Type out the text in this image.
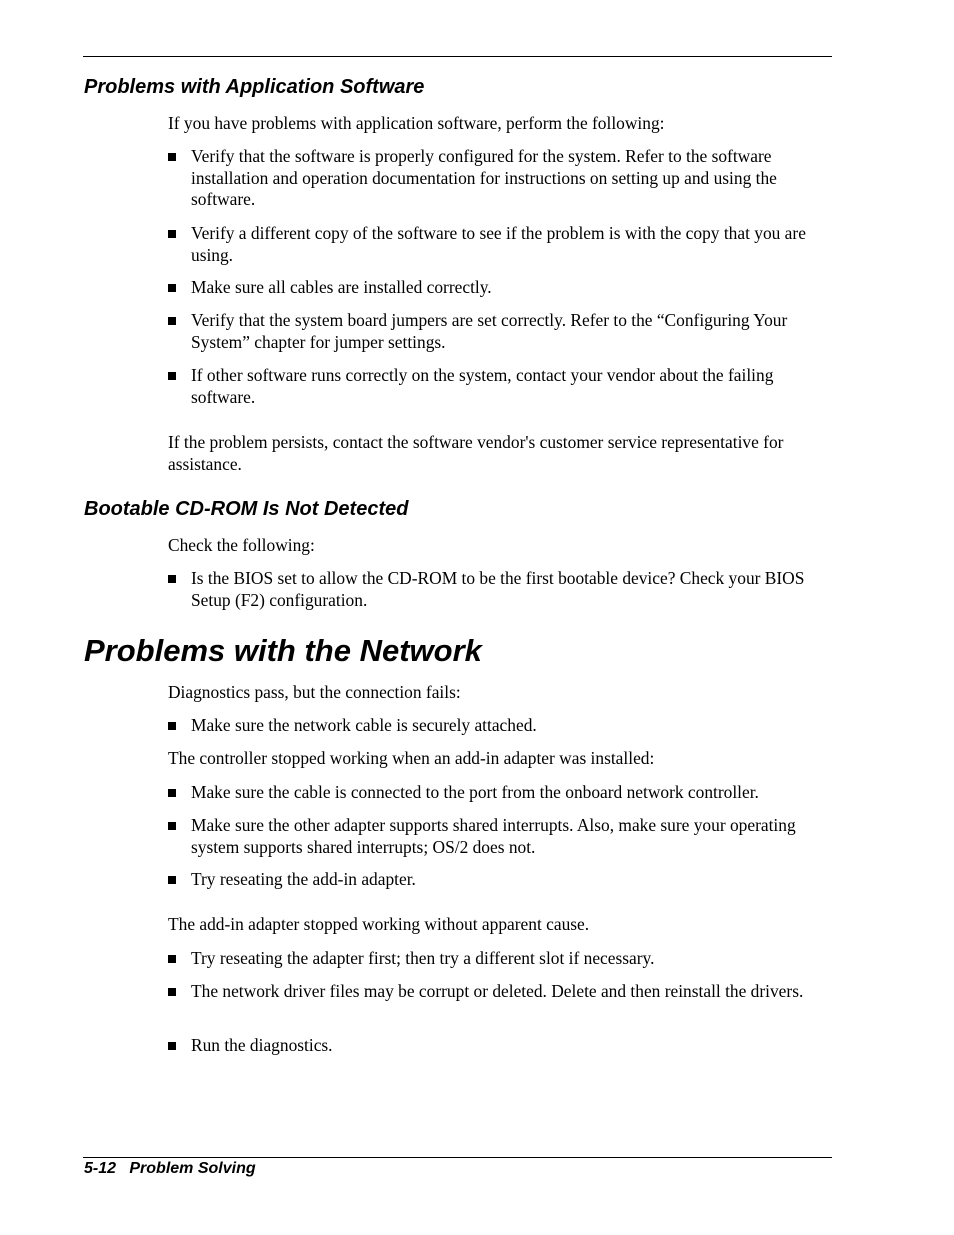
Problems with Application Software
If you have problems with application software, perform the following:
Verify that the software is properly configured for the system. Refer to the software installation and operation documentation for instructions on setting up and using the software.
Verify a different copy of the software to see if the problem is with the copy that you are using.
Make sure all cables are installed correctly.
Verify that the system board jumpers are set correctly. Refer to the “Configuring Your System” chapter for jumper settings.
If other software runs correctly on the system, contact your vendor about the failing software.
If the problem persists, contact the software vendor's customer service representative for assistance.
Bootable CD-ROM Is Not Detected
Check the following:
Is the BIOS set to allow the CD-ROM to be the first bootable device? Check your BIOS Setup (F2) configuration.
Problems with the Network
Diagnostics pass, but the connection fails:
Make sure the network cable is securely attached.
The controller stopped working when an add-in adapter was installed:
Make sure the cable is connected to the port from the onboard network controller.
Make sure the other adapter supports shared interrupts. Also, make sure your operating system supports shared interrupts; OS/2 does not.
Try reseating the add-in adapter.
The add-in adapter stopped working without apparent cause.
Try reseating the adapter first; then try a different slot if necessary.
The network driver files may be corrupt or deleted. Delete and then reinstall the drivers.
Run the diagnostics.
5-12 Problem Solving
